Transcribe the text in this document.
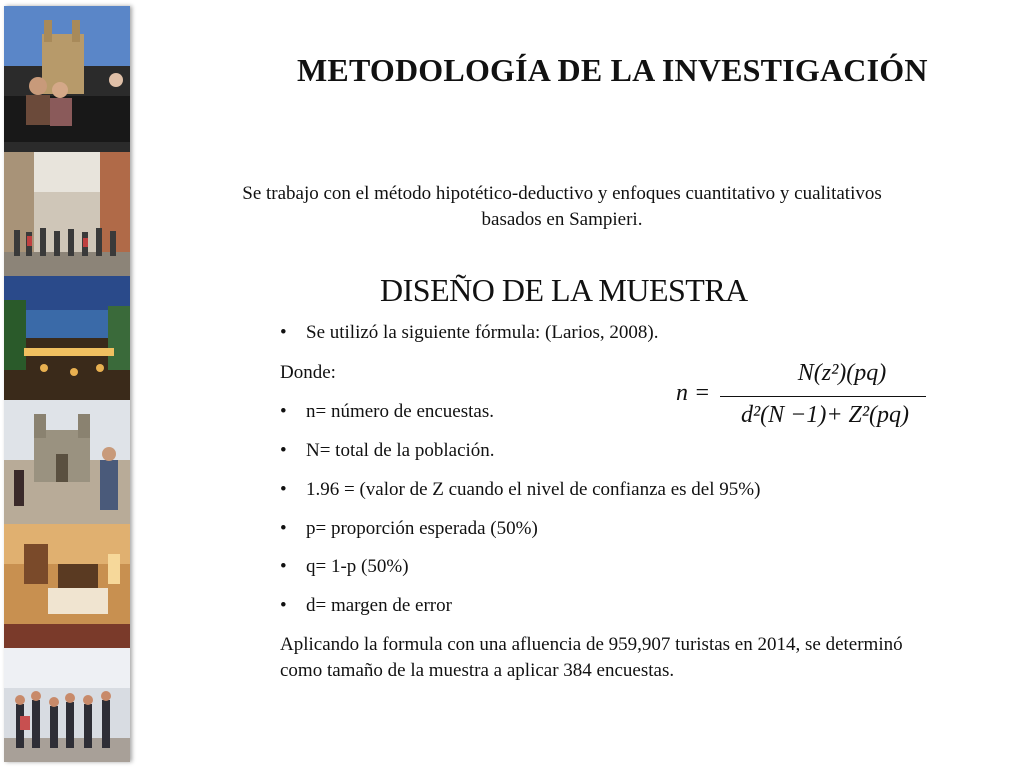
METODOLOGÍA DE LA INVESTIGACIÓN
Se trabajo con el método hipotético-deductivo y enfoques cuantitativo y cualitativos basados en Sampieri.
DISEÑO DE LA MUESTRA
• Se utilizó la siguiente fórmula: (Larios, 2008).
Donde:
• n= número de encuestas.
• N= total de la población.
• 1.96 = (valor de Z cuando el nivel de confianza es del 95%)
• p= proporción esperada (50%)
• q= 1-p (50%)
• d= margen de error
Aplicando la formula con una afluencia de 959,907 turistas en 2014, se determinó como tamaño de la muestra a aplicar 384 encuestas.
n =
N(z²)(pq)
d²(N −1)+ Z²(pq)
